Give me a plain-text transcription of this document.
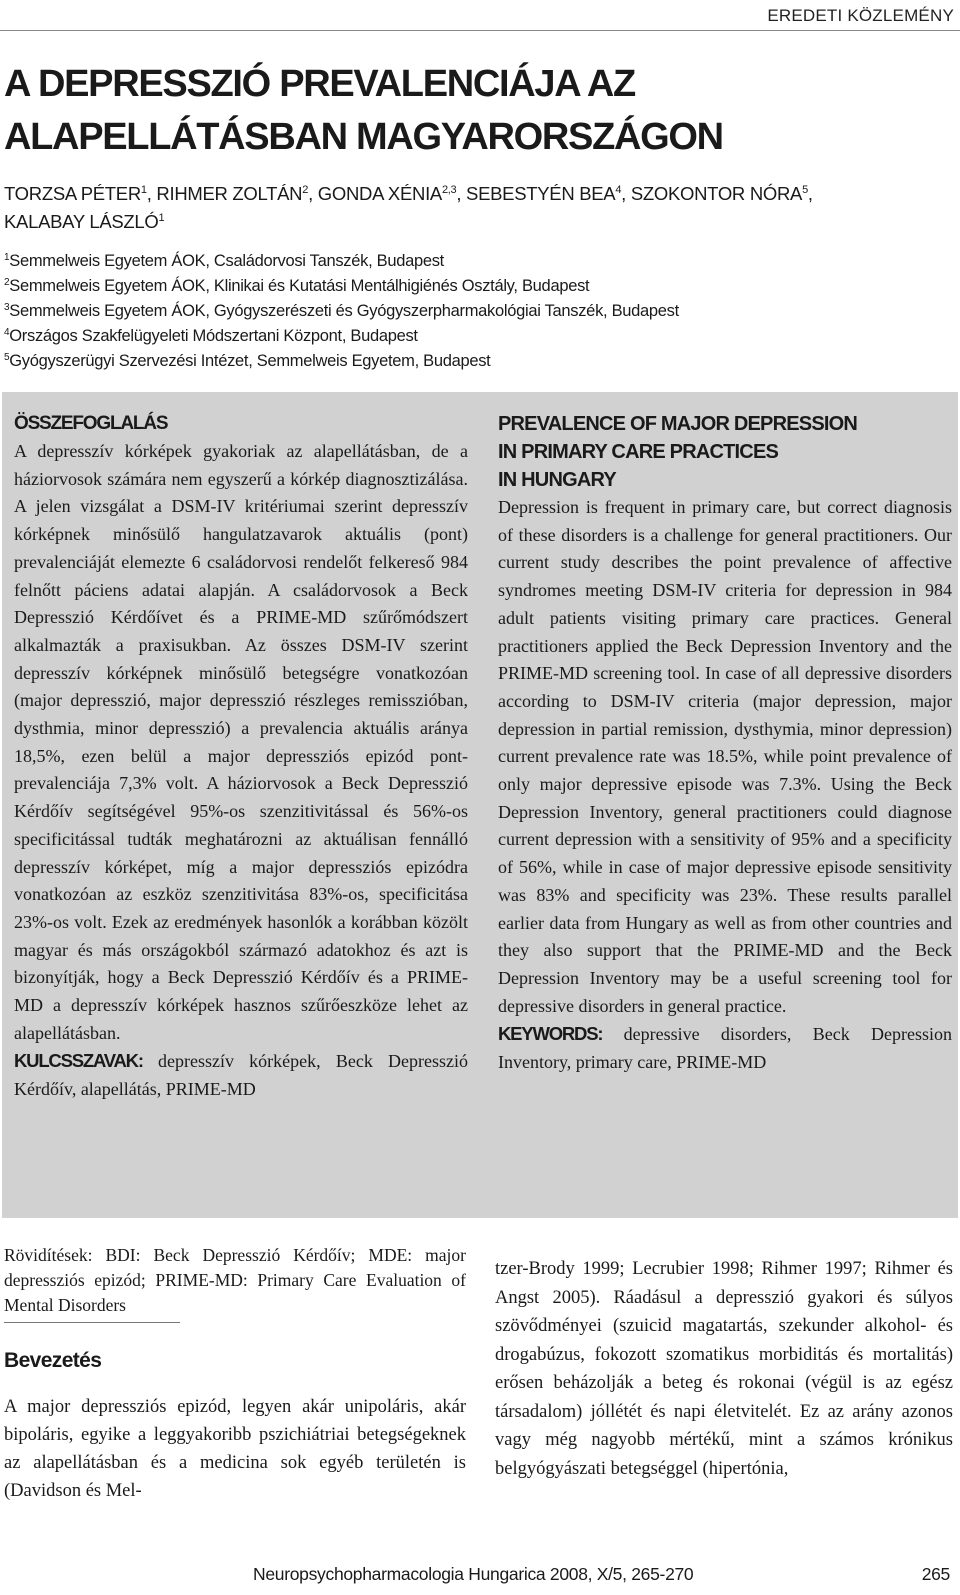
EREDETI KÖZLEMÉNY
A DEPRESSZIÓ PREVALENCIÁJA AZ
ALAPELLÁTÁSBAN MAGYARORSZÁGON
TORZSA PÉTER$^1$, RIHMER ZOLTÁN$^2$, GONDA XÉNIA$^{2,3}$, SEBESTYÉN BEA$^4$, SZOKONTOR NÓRA$^5$,
KALABAY LÁSZLÓ$^1$
$^1$Semmelweis Egyetem ÁOK, Családorvosi Tanszék, Budapest
$^2$Semmelweis Egyetem ÁOK, Klinikai és Kutatási Mentálhigiénés Osztály, Budapest
$^3$Semmelweis Egyetem ÁOK, Gyógyszerészeti és Gyógyszerpharmakológiai Tanszék, Budapest
$^4$Országos Szakfelügyeleti Módszertani Központ, Budapest
$^5$Gyógyszerügyi Szervezési Intézet, Semmelweis Egyetem, Budapest
ÖSSZEFOGLALÁS

A depresszív kórképek gyakoriak az alapellátásban, de a háziorvosok számára nem egyszerű a kórkép diagnosztizálása. A jelen vizsgálat a DSM-IV kritériumai szerint depresszív kórképnek minősülő hangulatzavarok aktuális (pont) prevalenciáját elemezte 6 családorvosi rendelőt felkereső 984 felnőtt páciens adatai alapján. A családorvosok a Beck Depresszió Kérdőívet és a PRIME-MD szűrőmódszert alkalmazták a praxisukban. Az összes DSM-IV szerint depresszív kórképnek minősülő betegségre vonatkozóan (major depresszió, major depresszió részleges remisszióban, dysthmia, minor depresszió) a prevalencia aktuális aránya 18,5%, ezen belül a major depressziós epizód pont-prevalenciája 7,3% volt. A háziorvosok a Beck Depresszió Kérdőív segítségével 95%-os szenzitivitással és 56%-os specificitással tudták meghatározni az aktuálisan fennálló depresszív kórképet, míg a major depressziós epizódra vonatkozóan az eszköz szenzitivitása 83%-os, specificitása 23%-os volt. Ezek az eredmények hasonlók a korábban közölt magyar és más országokból származó adatokhoz és azt is bizonyítják, hogy a Beck Depresszió Kérdőív és a PRIME-MD a depresszív kórképek hasznos szűrőeszköze lehet az alapellátásban.

KULCSSZAVAK: depresszív kórképek, Beck Depresszió Kérdőív, alapellátás, PRIME-MD

PREVALENCE OF MAJOR DEPRESSION
IN PRIMARY CARE PRACTICES
IN HUNGARY

Depression is frequent in primary care, but correct diagnosis of these disorders is a challenge for general practitioners. Our current study describes the point prevalence of affective syndromes meeting DSM-IV criteria for depression in 984 adult patients visiting primary care practices. General practitioners applied the Beck Depression Inventory and the PRIME-MD screening tool. In case of all depressive disorders according to DSM-IV criteria (major depression, major depression in partial remission, dysthymia, minor depression) current prevalence rate was 18.5%, while point prevalence of only major depressive episode was 7.3%. Using the Beck Depression Inventory, general practitioners could diagnose current depression with a sensitivity of 95% and a specificity of 56%, while in case of major depressive episode sensitivity was 83% and specificity was 23%. These results parallel earlier data from Hungary as well as from other countries and they also support that the PRIME-MD and the Beck Depression Inventory may be a useful screening tool for depressive disorders in general practice.

KEYWORDS: depressive disorders, Beck Depression Inventory, primary care, PRIME-MD

Rövidítések: BDI: Beck Depresszió Kérdőív; MDE: major depressziós epizód; PRIME-MD: Primary Care Evaluation of Mental Disorders

Bevezetés

A major depressziós epizód, legyen akár unipoláris, akár bipoláris, egyike a leggyakoribb pszichiátriai betegségeknek az alapellátásban és a medicina sok egyéb területén is (Davidson és Mel-

tzer-Brody 1999; Lecrubier 1998; Rihmer 1997; Rihmer és Angst 2005). Ráadásul a depresszió gyakori és súlyos szövődményei (szuicid magatartás, szekunder alkohol- és drogabúzus, fokozott szomatikus morbiditás és mortalitás) erősen beházolják a beteg és rokonai (végül is az egész társadalom) jóllétét és napi életvitelét. Ez az arány azonos vagy még nagyobb mértékű, mint a számos krónikus belgyógyászati betegséggel (hipertónia,

Neuropsychopharmacologia Hungarica 2008, X/5, 265-270	265
